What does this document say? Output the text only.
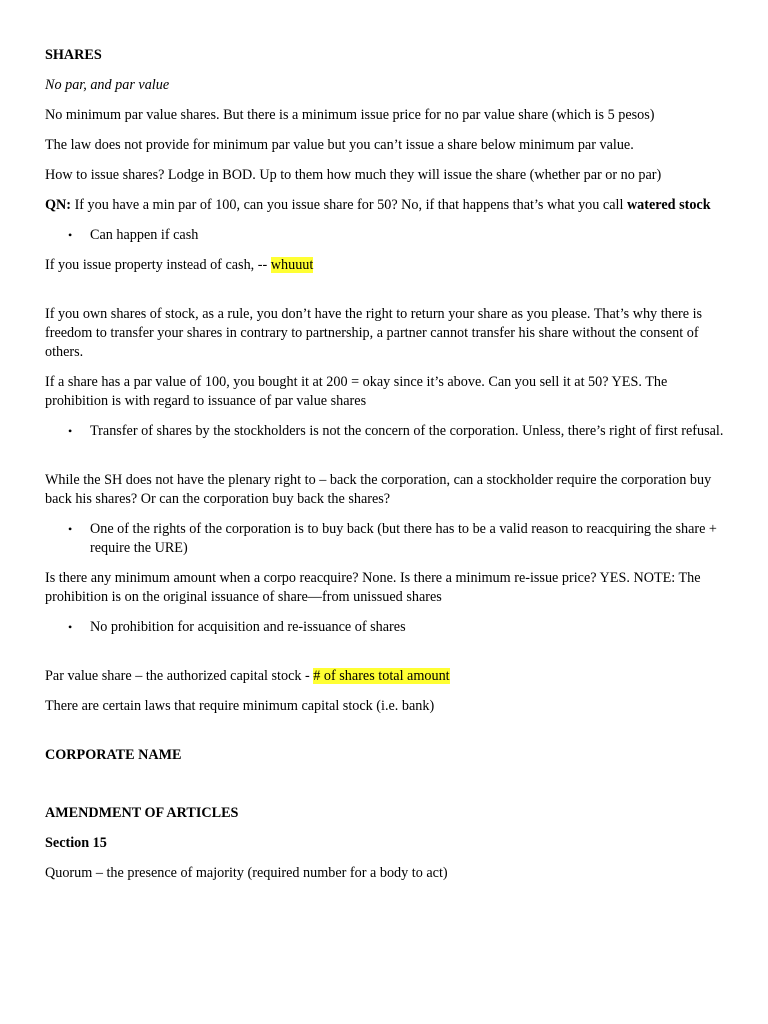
SHARES

No par, and par value

No minimum par value shares. But there is a minimum issue price for no par value share (which is 5 pesos)

The law does not provide for minimum par value but you can’t issue a share below minimum par value.

How to issue shares? Lodge in BOD. Up to them how much they will issue the share (whether par or no par)

QN: If you have a min par of 100, can you issue share for 50? No, if that happens that’s what you call watered stock

• Can happen if cash

If you issue property instead of cash, -- whuuut

If you own shares of stock, as a rule, you don’t have the right to return your share as you please. That’s why there is freedom to transfer your shares in contrary to partnership, a partner cannot transfer his share without the consent of others.

If a share has a par value of 100, you bought it at 200 = okay since it’s above. Can you sell it at 50? YES. The prohibition is with regard to issuance of par value shares

• Transfer of shares by the stockholders is not the concern of the corporation. Unless, there’s right of first refusal.

While the SH does not have the plenary right to – back the corporation, can a stockholder require the corporation buy back his shares? Or can the corporation buy back the shares?

• One of the rights of the corporation is to buy back (but there has to be a valid reason to reacquiring the share + require the URE)

Is there any minimum amount when a corpo reacquire? None. Is there a minimum re-issue price? YES. NOTE: The prohibition is on the original issuance of share—from unissued shares

• No prohibition for acquisition and re-issuance of shares

Par value share – the authorized capital stock - # of shares total amount

There are certain laws that require minimum capital stock (i.e. bank)

CORPORATE NAME

AMENDMENT OF ARTICLES

Section 15

Quorum – the presence of majority (required number for a body to act)
